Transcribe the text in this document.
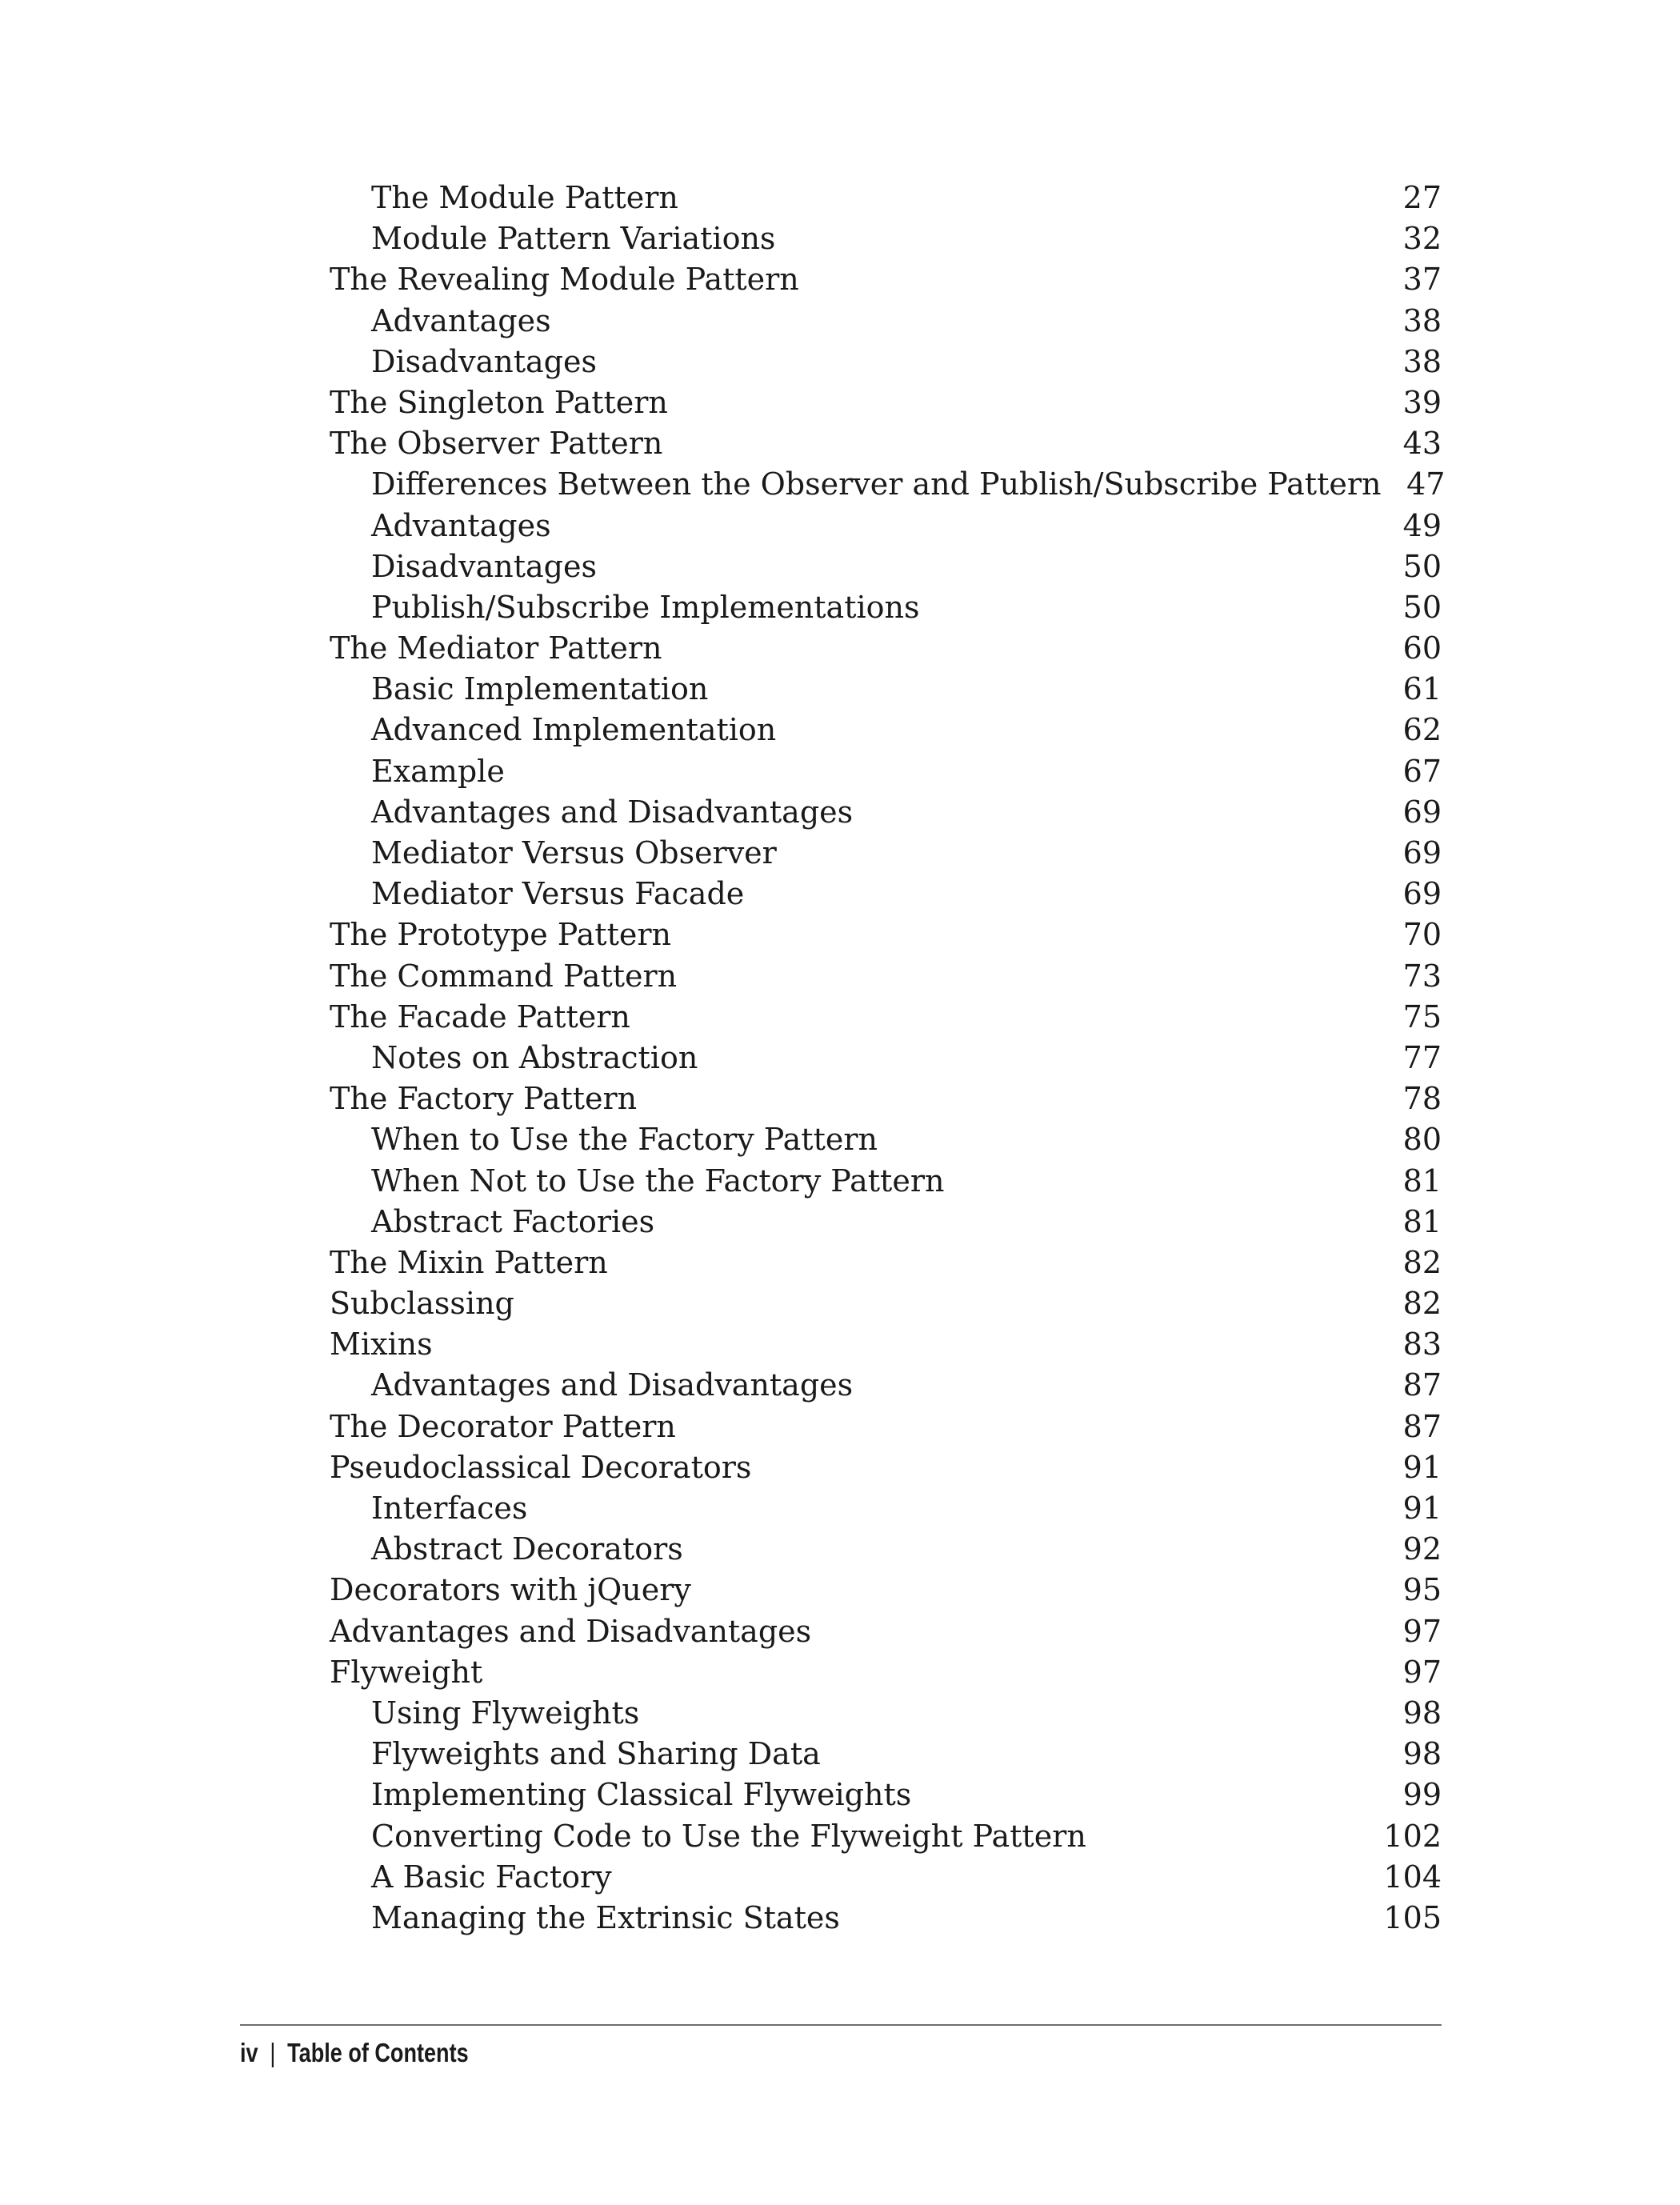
The Module Pattern	27
Module Pattern Variations	32
The Revealing Module Pattern	37
Advantages	38
Disadvantages	38
The Singleton Pattern	39
The Observer Pattern	43
Differences Between the Observer and Publish/Subscribe Pattern 47
Advantages	49
Disadvantages	50
Publish/Subscribe Implementations	50
The Mediator Pattern	60
Basic Implementation	61
Advanced Implementation	62
Example	67
Advantages and Disadvantages	69
Mediator Versus Observer	69
Mediator Versus Facade	69
The Prototype Pattern	70
The Command Pattern	73
The Facade Pattern	75
Notes on Abstraction	77
The Factory Pattern	78
When to Use the Factory Pattern	80
When Not to Use the Factory Pattern	81
Abstract Factories	81
The Mixin Pattern	82
Subclassing	82
Mixins	83
Advantages and Disadvantages	87
The Decorator Pattern	87
Pseudoclassical Decorators	91
Interfaces	91
Abstract Decorators	92
Decorators with jQuery	95
Advantages and Disadvantages	97
Flyweight	97
Using Flyweights	98
Flyweights and Sharing Data	98
Implementing Classical Flyweights	99
Converting Code to Use the Flyweight Pattern	102
A Basic Factory	104
Managing the Extrinsic States	105
iv | Table of Contents
